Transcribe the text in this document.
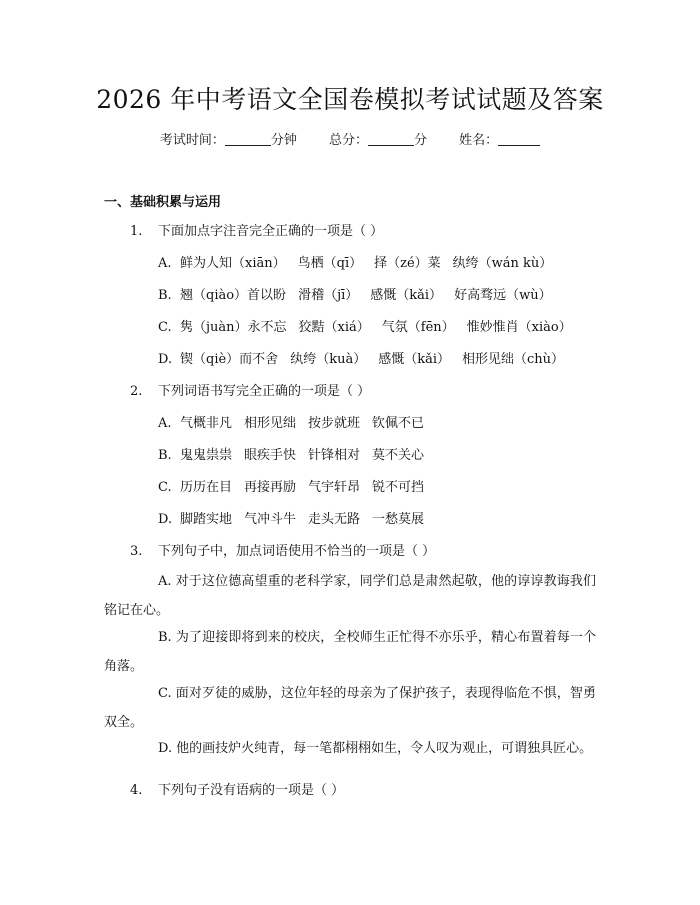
2026 年中考语文全国卷模拟考试试题及答案
考试时间：	分钟 总分：	分 姓名：
一、基础积累与运用
1. 下面加点字注音完全正确的一项是（ ）
A. 鲜为人知（xiān） 鸟栖（qī） 择（zé）菜 纨绔（wán kù）
B. 翘（qiào）首以盼 滑稽（jī） 感慨（kǎi） 好高骛远（wù）
C. 隽（juàn）永不忘 狡黠（xiá） 气氛（fēn） 惟妙惟肖（xiào）
D. 锲（qiè）而不舍 纨绔（kuà） 感慨（kǎi） 相形见绌（chù）
2. 下列词语书写完全正确的一项是（ ）
A. 气概非凡 相形见绌 按步就班 钦佩不已
B. 鬼鬼祟祟 眼疾手快 针锋相对 莫不关心
C. 历历在目 再接再励 气宇轩昂 锐不可挡
D. 脚踏实地 气冲斗牛 走头无路 一愁莫展
3. 下列句子中，加点词语使用不恰当的一项是（ ）
A. 对于这位德高望重的老科学家，同学们总是肃然起敬，他的谆谆教诲我们铭记在心。
B. 为了迎接即将到来的校庆，全校师生正忙得不亦乐乎，精心布置着每一个角落。
C. 面对歹徒的威胁，这位年轻的母亲为了保护孩子，表现得临危不惧，智勇双全。
D. 他的画技炉火纯青，每一笔都栩栩如生，令人叹为观止，可谓独具匠心。
4. 下列句子没有语病的一项是（ ）
